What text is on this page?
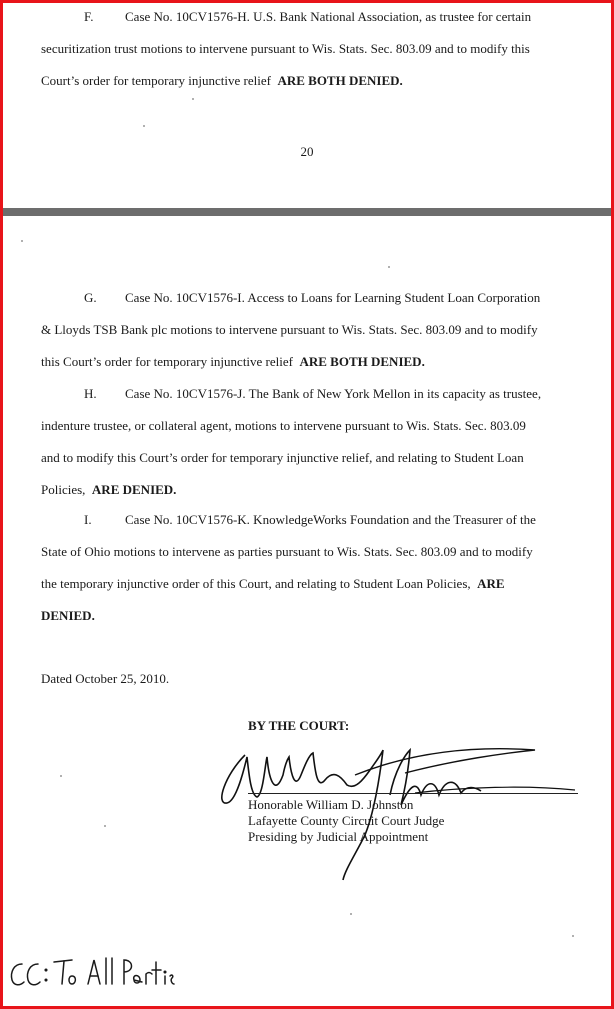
F. Case No. 10CV1576-H. U.S. Bank National Association, as trustee for certain
securitization trust motions to intervene pursuant to Wis. Stats. Sec. 803.09 and to modify this
Court’s order for temporary injunctive relief ARE BOTH DENIED.
20
G. Case No. 10CV1576-I. Access to Loans for Learning Student Loan Corporation
& Lloyds TSB Bank plc motions to intervene pursuant to Wis. Stats. Sec. 803.09 and to modify
this Court’s order for temporary injunctive relief ARE BOTH DENIED.
H. Case No. 10CV1576-J. The Bank of New York Mellon in its capacity as trustee,
indenture trustee, or collateral agent, motions to intervene pursuant to Wis. Stats. Sec. 803.09
and to modify this Court’s order for temporary injunctive relief, and relating to Student Loan
Policies, ARE DENIED.
I.	Case No. 10CV1576-K. KnowledgeWorks Foundation and the Treasurer of the
State of Ohio motions to intervene as parties pursuant to Wis. Stats. Sec. 803.09 and to modify
the temporary injunctive order of this Court, and relating to Student Loan Policies, ARE
DENIED.
Dated October 25, 2010.
BY THE COURT:
Honorable William D. Johnston
Lafayette County Circuit Court Judge
Presiding by Judicial Appointment
